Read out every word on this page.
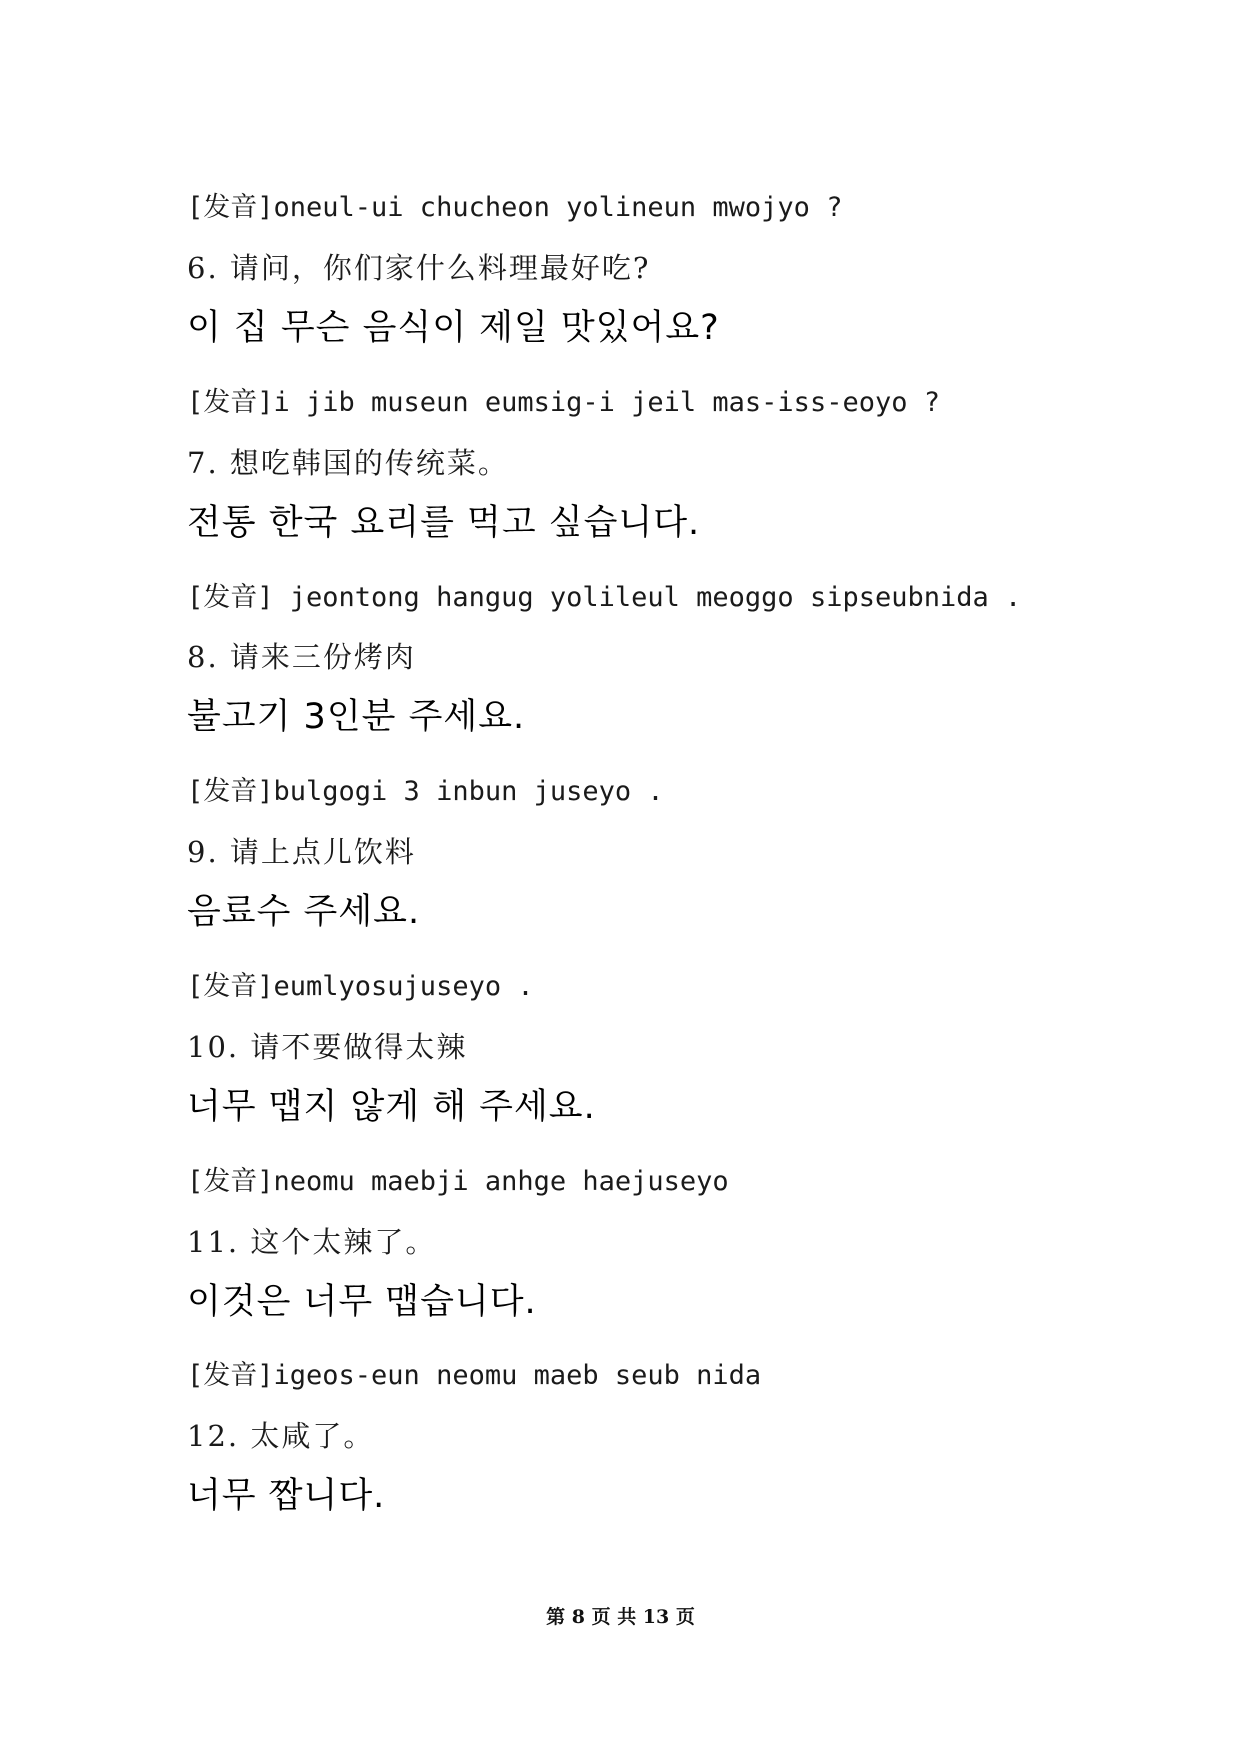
[发音]oneul-ui chucheon yolineun mwojyo ?
6. 请问，你们家什么料理最好吃?
이 집 무슨 음식이 제일 맛있어요?
[发音]i jib museun eumsig-i jeil mas-iss-eoyo ?
7. 想吃韩国的传统菜。
전통 한국 요리를 먹고 싶습니다.
[发音] jeontong hangug yolileul meoggo sipseubnida .
8. 请来三份烤肉
불고기 3인분 주세요.
[发音]bulgogi 3 inbun juseyo .
9. 请上点儿饮料
음료수 주세요.
[发音]eumlyosujuseyo .
10. 请不要做得太辣
너무 맵지 않게 해 주세요.
[发音]neomu maebji anhge haejuseyo
11. 这个太辣了。
이것은 너무 맵습니다.
[发音]igeos-eun neomu maeb seub nida
12. 太咸了。
너무 짭니다.
第 8 页 共 13 页
